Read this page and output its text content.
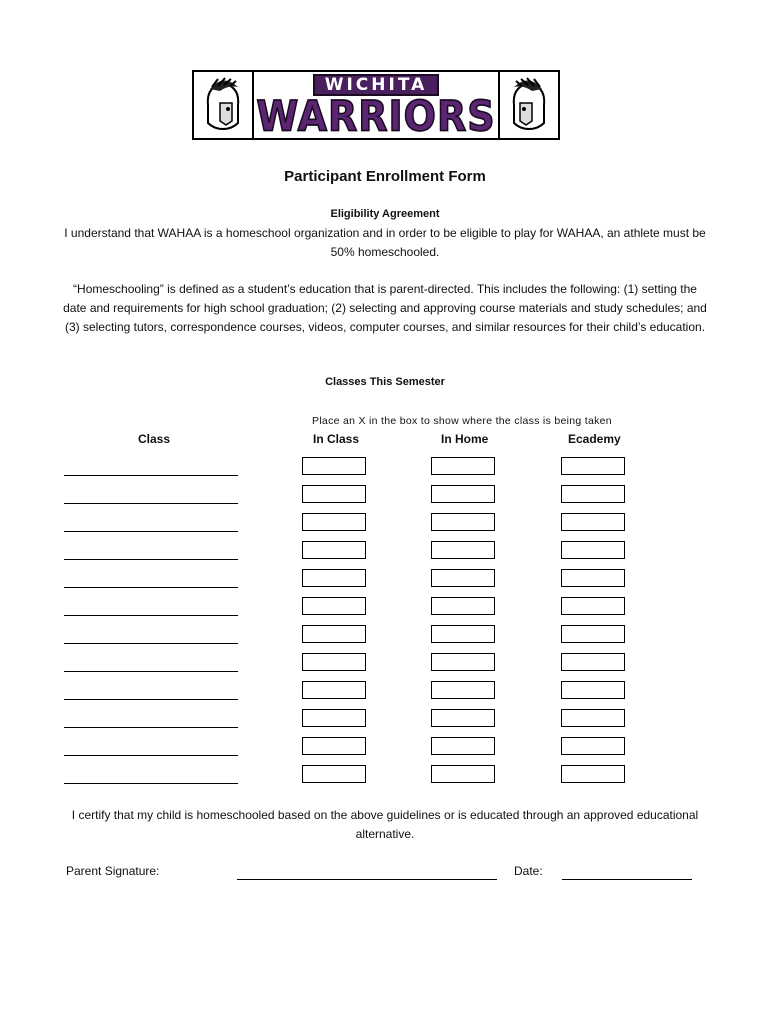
WICHITA
WARRIORS
Participant Enrollment Form
Eligibility Agreement
I understand that WAHAA is a homeschool organization and in order to be eligible to play for WAHAA, an athlete must be 50% homeschooled.
“Homeschooling” is defined as a student’s education that is parent-directed. This includes the following: (1) setting the date and requirements for high school graduation; (2) selecting and approving course materials and study schedules; and (3) selecting tutors, correspondence courses, videos, computer courses, and similar resources for their child’s education.
Classes This Semester
Place an X in the box to show where the class is being taken
Class	In Class	In Home	Ecademy
I certify that my child is homeschooled based on the above guidelines or is educated through an approved educational alternative.
Parent Signature:	Date:
